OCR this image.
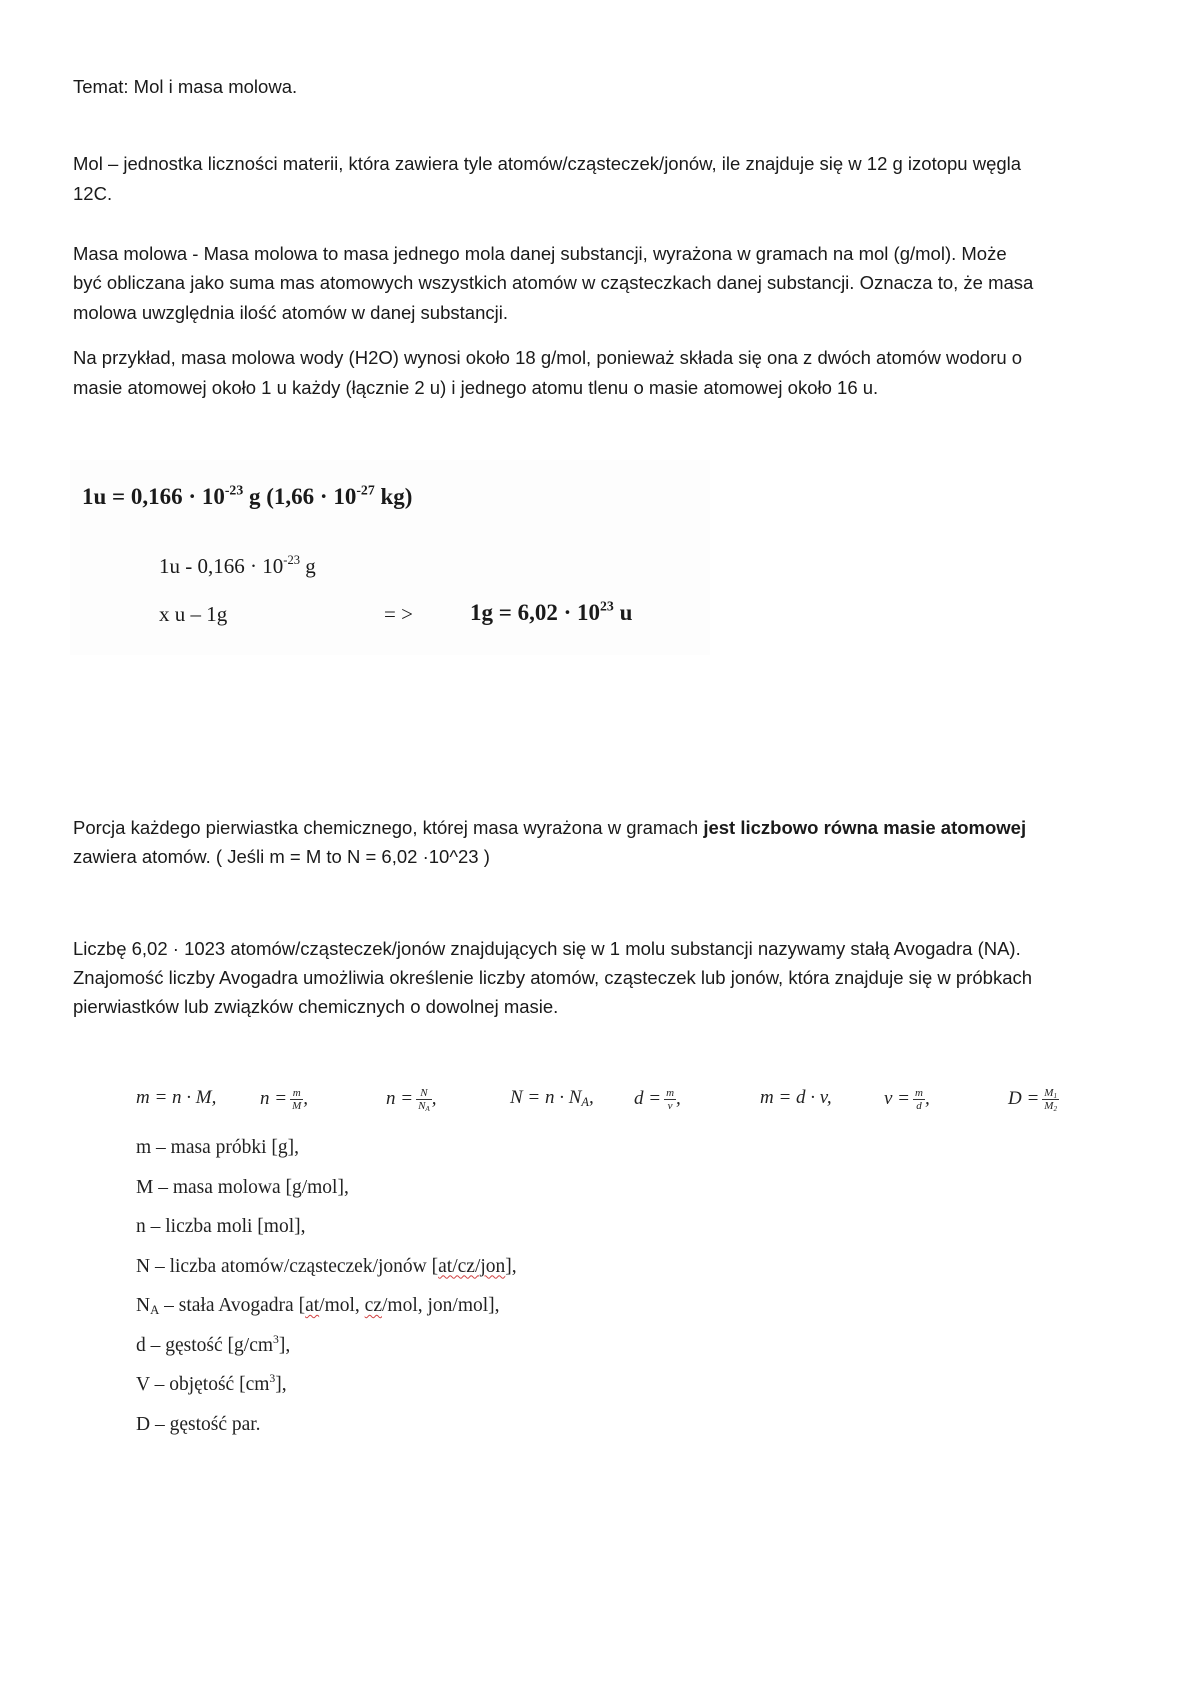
Temat: Mol i masa molowa.

Mol – jednostka liczności materii, która zawiera tyle atomów/cząsteczek/jonów, ile znajduje się w 12 g izotopu węgla

12C.

Masa molowa - Masa molowa to masa jednego mola danej substancji, wyrażona w gramach na mol (g/mol). Może

być obliczana jako suma mas atomowych wszystkich atomów w cząsteczkach danej substancji. Oznacza to, że masa

molowa uwzględnia ilość atomów w danej substancji.

Na przykład, masa molowa wody (H2O) wynosi około 18 g/mol, ponieważ składa się ona z dwóch atomów wodoru o

masie atomowej około 1 u każdy (łącznie 2 u) i jednego atomu tlenu o masie atomowej około 16 u.

$1u = 0,166 \cdot 10^{-23}$ g ($1,66 \cdot 10^{-27}$ kg)
$1u - 0,166 \cdot 10^{-23}$ g
x u – 1g	= > $1g = 6,02 \cdot 10^{23}$ u

Porcja każdego pierwiastka chemicznego, której masa wyrażona w gramach jest liczbowo równa masie atomowej

zawiera atomów. ( Jeśli m = M to N = 6,02 ·10^23 )

Liczbę 6,02 · 1023 atomów/cząsteczek/jonów znajdujących się w 1 molu substancji nazywamy stałą Avogadra (NA).

Znajomość liczby Avogadra umożliwia określenie liczby atomów, cząsteczek lub jonów, która znajduje się w próbkach

pierwiastków lub związków chemicznych o dowolnej masie.

m = n · M, $n = \frac{m}{M}$ ,	$n = \frac{N}{N_A}$ ,	$N = n \cdot N_A$, $d = \frac{m}{v}$ ,	m = d · v,	$v = \frac{m}{d}$ ,	$D = \frac{M_1}{M_2}$
m – masa próbki [g],
M – masa molowa [g/mol],
n – liczba moli [mol],
N – liczba atomów/cząsteczek/jonów [at/cz/jon],
$N_A$ – stała Avogadra [at/mol, cz/mol, jon/mol],
d – gęstość $[g/cm^3]$,
V – objętość $[cm^3]$,
D – gęstość par.
